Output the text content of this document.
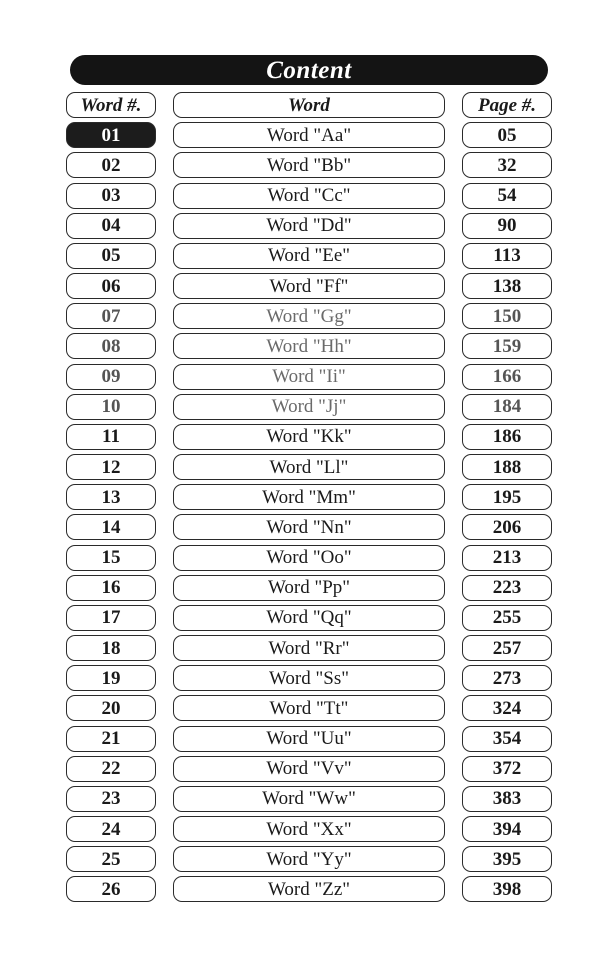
Content
Word #.
01
02
03
04
05
06
07
08
09
10
11
12
13
14
15
16
17
18
19
20
21
22
23
24
25
26
Word
Word "Aa"
Word "Bb"
Word "Cc"
Word "Dd"
Word "Ee"
Word "Ff"
Word "Gg"
Word "Hh"
Word "Ii"
Word "Jj"
Word "Kk"
Word "Ll"
Word "Mm"
Word "Nn"
Word "Oo"
Word "Pp"
Word "Qq"
Word "Rr"
Word "Ss"
Word "Tt"
Word "Uu"
Word "Vv"
Word "Ww"
Word "Xx"
Word "Yy"
Word "Zz"
Page #.
05
32
54
90
113
138
150
159
166
184
186
188
195
206
213
223
255
257
273
324
354
372
383
394
395
398
